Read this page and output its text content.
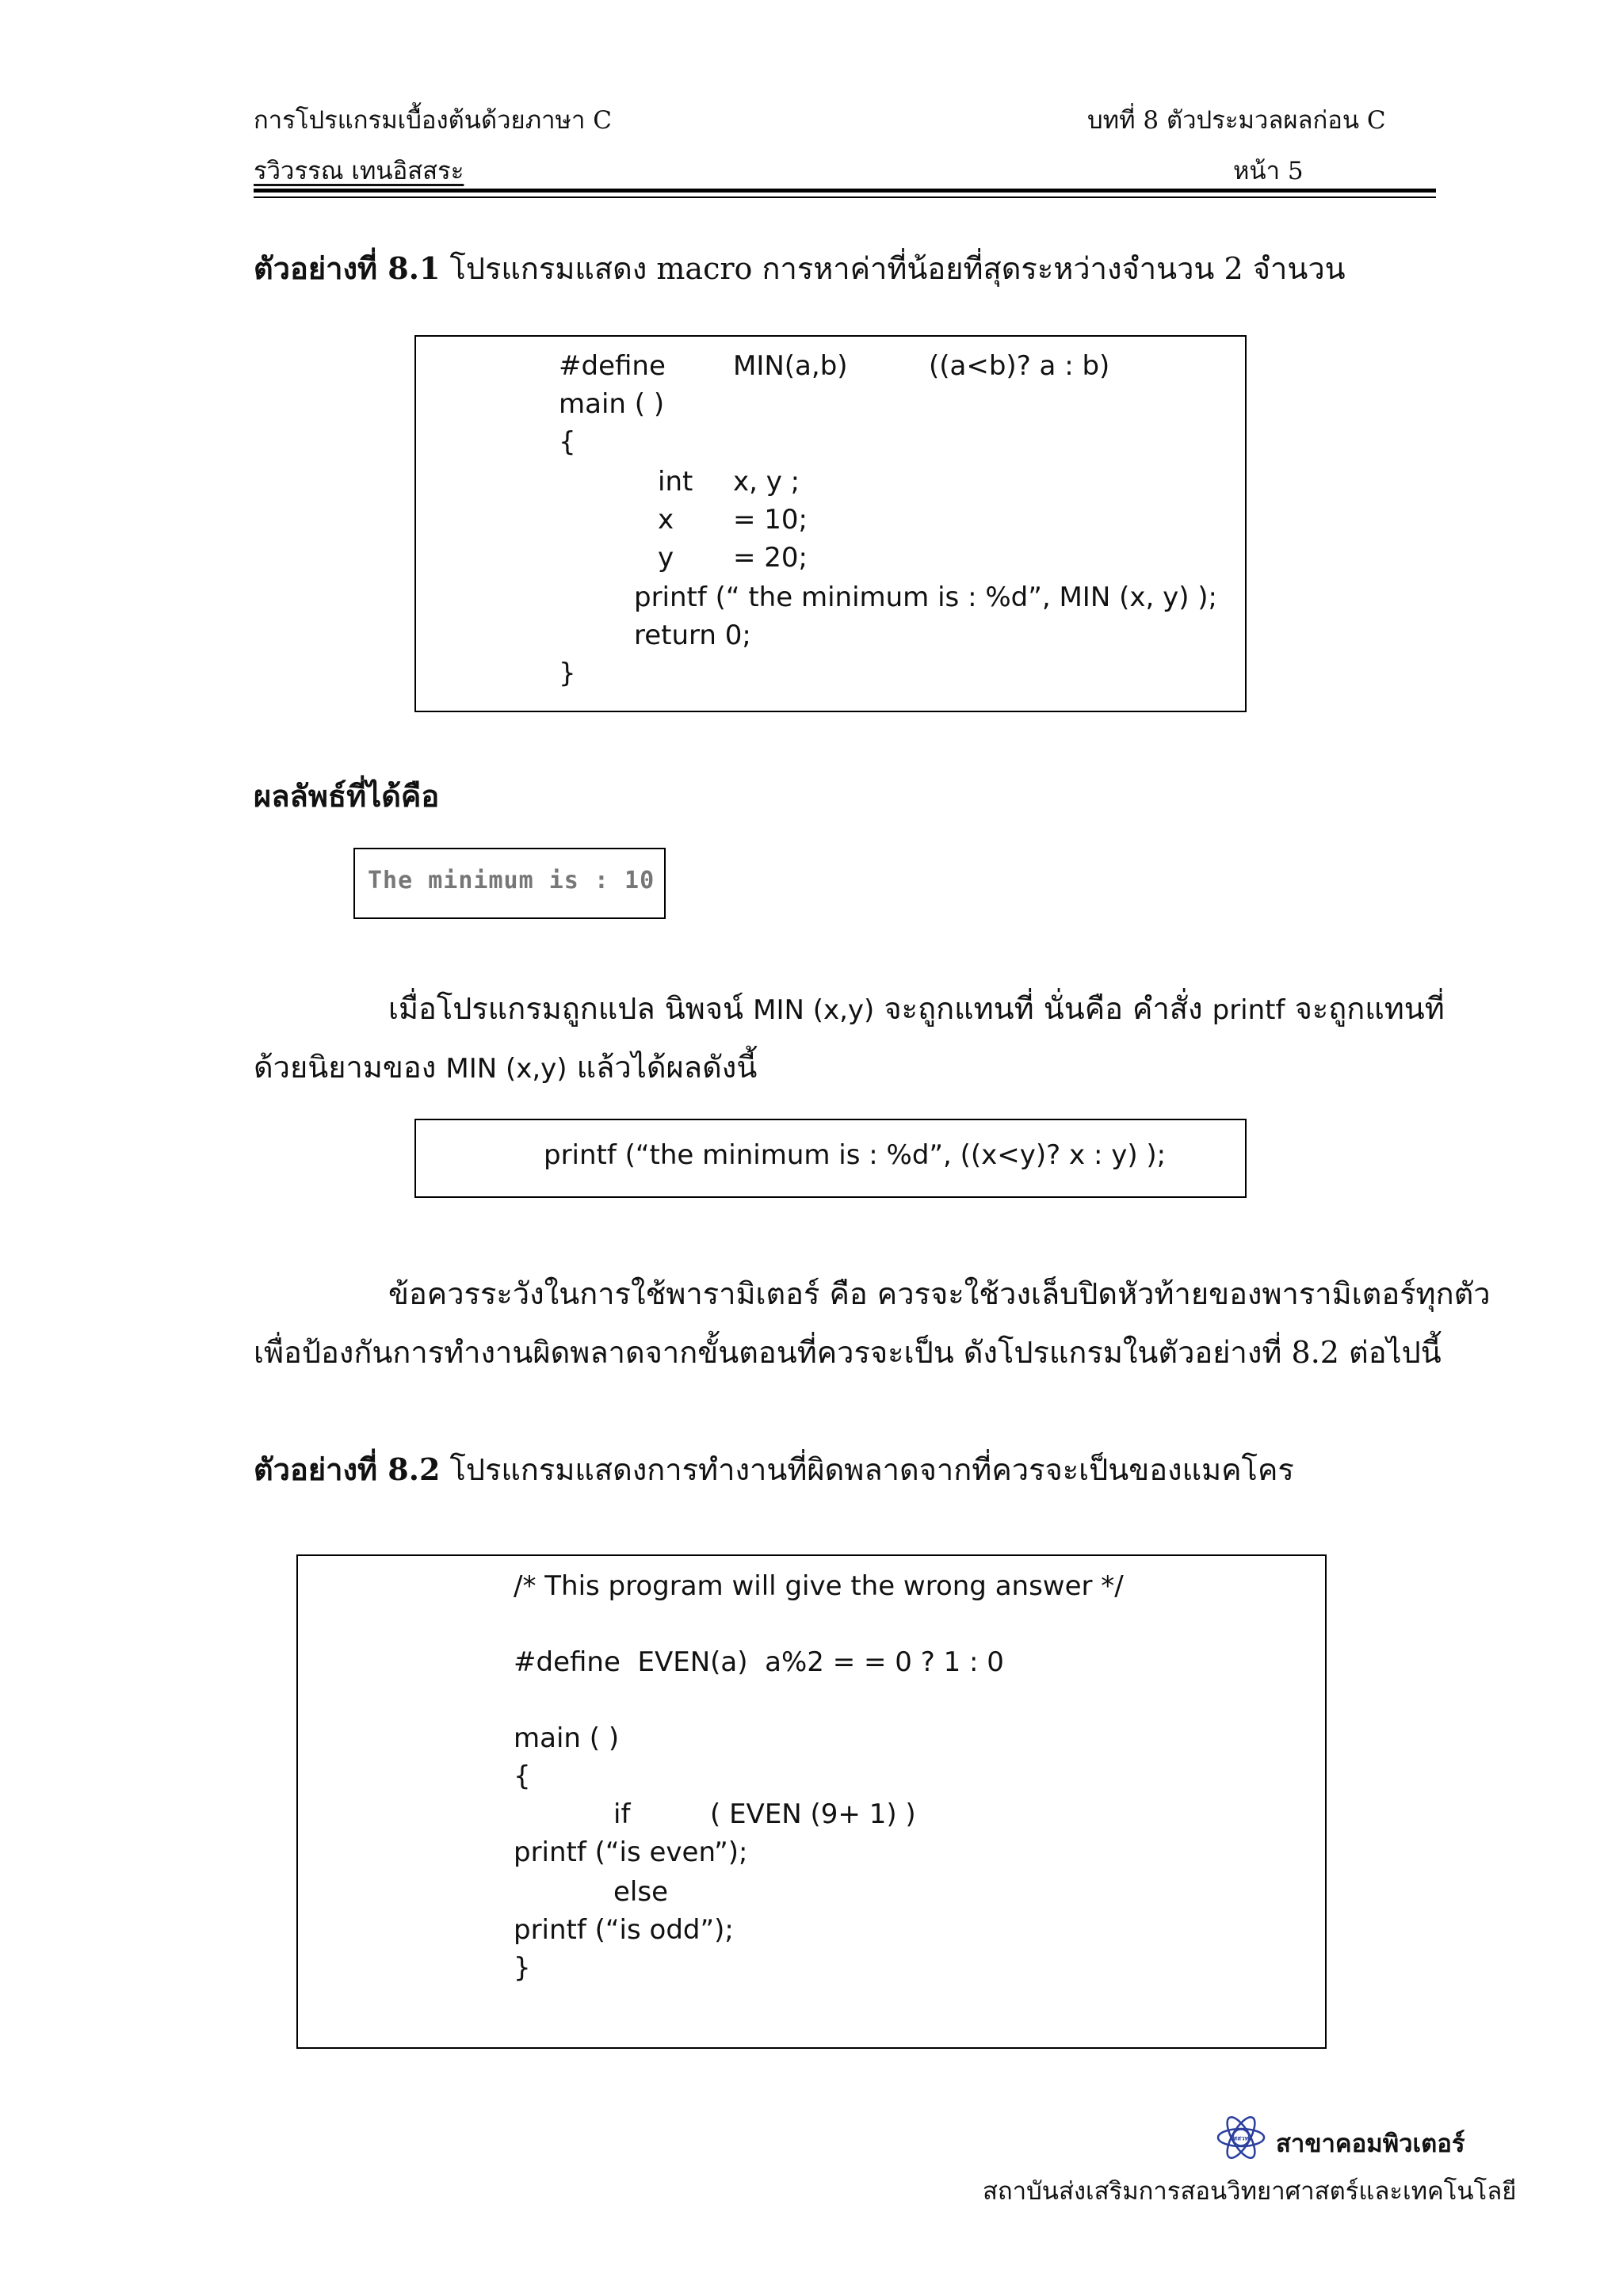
การโปรแกรมเบื้องต้นด้วยภาษา C	บทที่ 8 ตัวประมวลผลก่อน C
รวิวรรณ เทนอิสสระ	หน้า 5
ตัวอย่างที่ 8.1 โปรแกรมแสดง macro การหาค่าที่น้อยที่สุดระหว่างจำนวน 2 จำนวน
#define	MIN(a,b)	((a<b)? a : b)
main ( )
{
int x, y ;
x = 10;
y = 20;
printf (“ the minimum is : %d”, MIN (x, y) );
return 0;
}
ผลลัพธ์ที่ได้คือ
The minimum is : 10
เมื่อโปรแกรมถูกแปล นิพจน์ MIN (x,y) จะถูกแทนที่ นั่นคือ คำสั่ง printf จะถูกแทนที่
ด้วยนิยามของ MIN (x,y) แล้วได้ผลดังนี้
printf (“the minimum is : %d”, ((x<y)? x : y) );
ข้อควรระวังในการใช้พารามิเตอร์ คือ ควรจะใช้วงเล็บปิดหัวท้ายของพารามิเตอร์ทุกตัว
เพื่อป้องกันการทำงานผิดพลาดจากขั้นตอนที่ควรจะเป็น ดังโปรแกรมในตัวอย่างที่ 8.2 ต่อไปนี้
ตัวอย่างที่ 8.2 โปรแกรมแสดงการทำงานที่ผิดพลาดจากที่ควรจะเป็นของแมคโคร
/* This program will give the wrong answer */
#define  EVEN(a)  a%2 = = 0 ? 1 : 0
main ( )
{
if	( EVEN (9+ 1) )
printf (“is even”);
else
printf (“is odd”);
}
สสวท สาขาคอมพิวเตอร์
สถาบันส่งเสริมการสอนวิทยาศาสตร์และเทคโนโลยี
